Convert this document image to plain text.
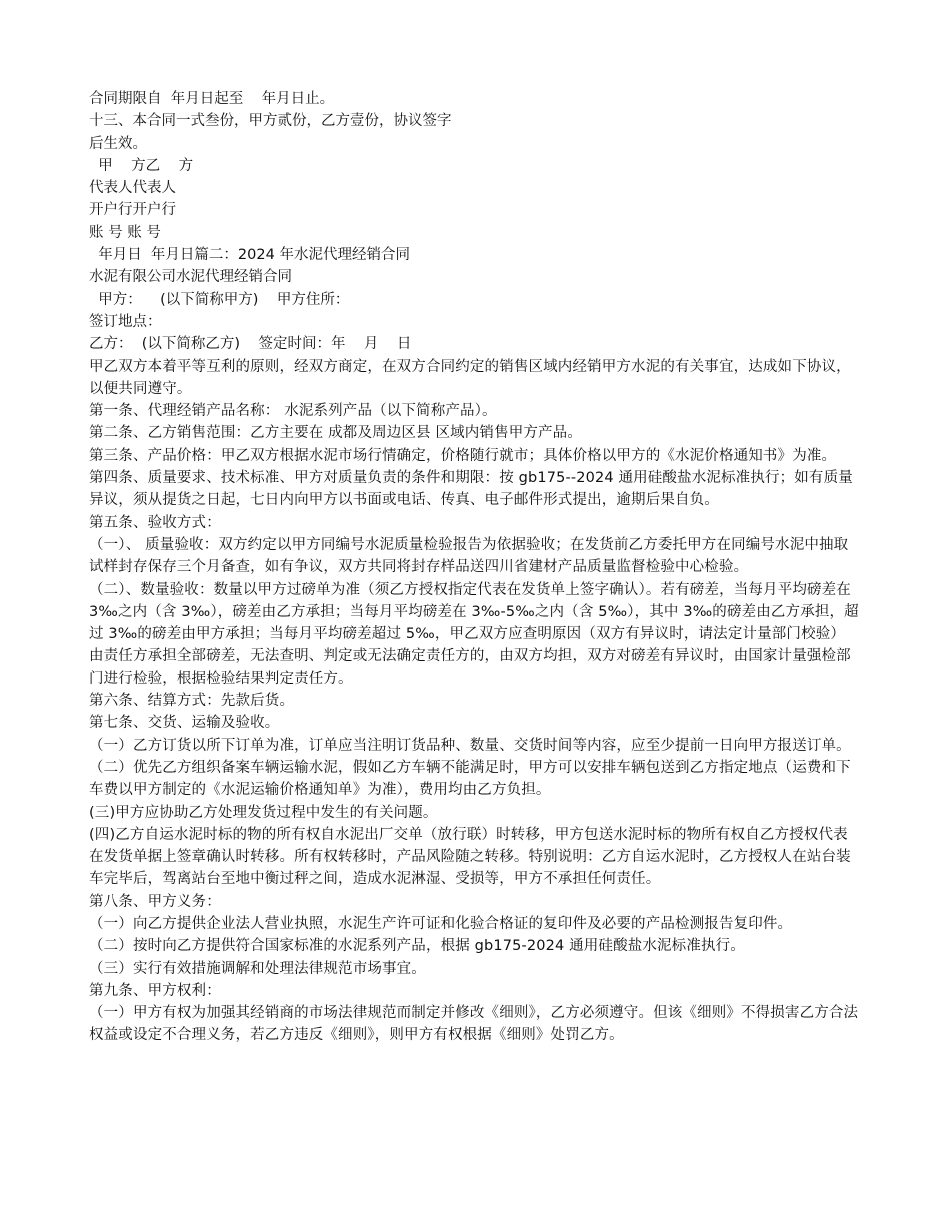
合同期限自  年月日起至    年月日止。

十三、本合同一式叁份，甲方贰份，乙方壹份，协议签字

后生效。

甲    方乙    方

代表人代表人

开户行开户行

账 号 账 号

年月日  年月日篇二：2024 年水泥代理经销合同

水泥有限公司水泥代理经销合同

甲方：    (以下简称甲方)    甲方住所：

签订地点：

乙方：  (以下简称乙方)    签定时间：年    月    日

甲乙双方本着平等互利的原则，经双方商定，在双方合同约定的销售区域内经销甲方水泥的有关事宜，达成如下协议，以便共同遵守。

第一条、代理经销产品名称： 水泥系列产品（以下简称产品）。

第二条、乙方销售范围：乙方主要在 成都及周边区县 区域内销售甲方产品。

第三条、产品价格：甲乙双方根据水泥市场行情确定，价格随行就市；具体价格以甲方的《水泥价格通知书》为准。

第四条、质量要求、技术标准、甲方对质量负责的条件和期限：按 gb175--2024 通用硅酸盐水泥标准执行；如有质量异议，须从提货之日起，七日内向甲方以书面或电话、传真、电子邮件形式提出，逾期后果自负。

第五条、验收方式：

（一）、 质量验收：双方约定以甲方同编号水泥质量检验报告为依据验收；在发货前乙方委托甲方在同编号水泥中抽取试样封存保存三个月备查，如有争议，双方共同将封存样品送四川省建材产品质量监督检验中心检验。

（二）、数量验收：数量以甲方过磅单为准（须乙方授权指定代表在发货单上签字确认）。若有磅差，当每月平均磅差在 3‰之内（含 3‰），磅差由乙方承担；当每月平均磅差在 3‰-5‰之内（含 5‰），其中 3‰的磅差由乙方承担，超过 3‰的磅差由甲方承担；当每月平均磅差超过 5‰，甲乙双方应查明原因（双方有异议时，请法定计量部门校验）由责任方承担全部磅差，无法查明、判定或无法确定责任方的，由双方均担，双方对磅差有异议时，由国家计量强检部门进行检验，根据检验结果判定责任方。

第六条、结算方式：先款后货。

第七条、交货、运输及验收。

（一）乙方订货以所下订单为准，订单应当注明订货品种、数量、交货时间等内容，应至少提前一日向甲方报送订单。

（二）优先乙方组织备案车辆运输水泥，假如乙方车辆不能满足时，甲方可以安排车辆包送到乙方指定地点（运费和下车费以甲方制定的《水泥运输价格通知单》为准），费用均由乙方负担。

(三)甲方应协助乙方处理发货过程中发生的有关问题。

(四)乙方自运水泥时标的物的所有权自水泥出厂交单（放行联）时转移，甲方包送水泥时标的物所有权自乙方授权代表在发货单据上签章确认时转移。所有权转移时，产品风险随之转移。特别说明：乙方自运水泥时，乙方授权人在站台装车完毕后，驾离站台至地中衡过秤之间，造成水泥淋湿、受损等，甲方不承担任何责任。

第八条、甲方义务：

（一）向乙方提供企业法人营业执照，水泥生产许可证和化验合格证的复印件及必要的产品检测报告复印件。

（二）按时向乙方提供符合国家标准的水泥系列产品，根据 gb175-2024 通用硅酸盐水泥标准执行。

（三）实行有效措施调解和处理法律规范市场事宜。

第九条、甲方权利：

（一）甲方有权为加强其经销商的市场法律规范而制定并修改《细则》，乙方必须遵守。但该《细则》不得损害乙方合法权益或设定不合理义务，若乙方违反《细则》，则甲方有权根据《细则》处罚乙方。
